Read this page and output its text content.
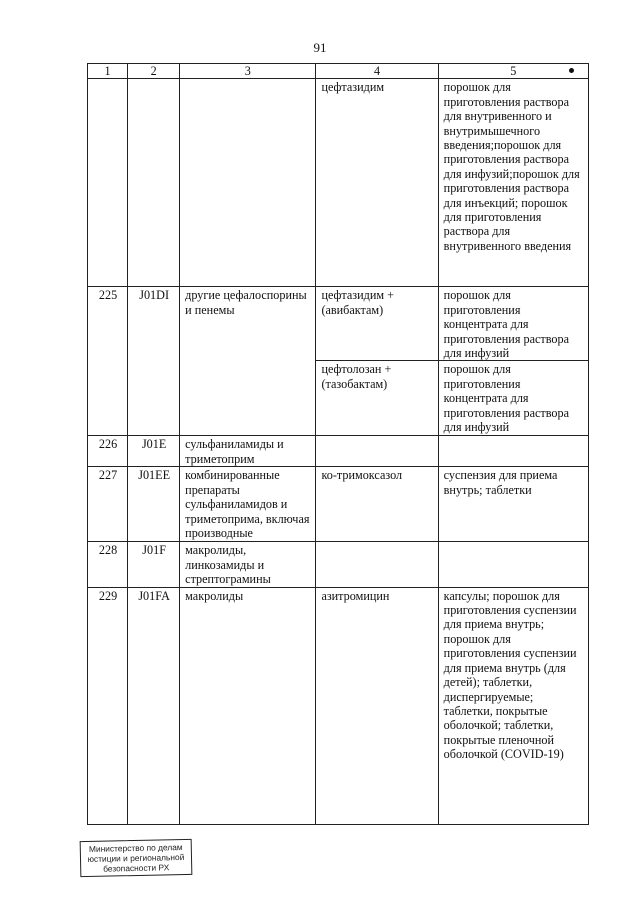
91
1	2	3	4	5

			цефтазидим	порошок для приготовления раствора для внутривенного и внутримышечного введения;порошок для приготовления раствора для инфузий;порошок для приготовления раствора для инъекций; порошок для приготовления раствора для внутривенного введения
225	J01DI	другие цефалоспорины и пенемы	цефтазидим + (авибактам)	порошок для приготовления концентрата для приготовления раствора для инфузий
			цефтолозан + (тазобактам)	порошок для приготовления концентрата для приготовления раствора для инфузий
226	J01E	сульфаниламиды и триметоприм		
227	J01EE	комбинированные препараты сульфаниламидов и триметоприма, включая производные	ко-тримоксазол	суспензия для приема внутрь; таблетки
228	J01F	макролиды, линкозамиды и стрептограмины		
229	J01FA	макролиды	азитромицин	капсулы; порошок для приготовления суспензии для приема внутрь; порошок для приготовления суспензии для приема внутрь (для детей); таблетки, диспергируемые; таблетки, покрытые оболочкой; таблетки, покрытые пленочной оболочкой (COVID-19)
Министерство по делам
юстиции и региональной
безопасности РХ
